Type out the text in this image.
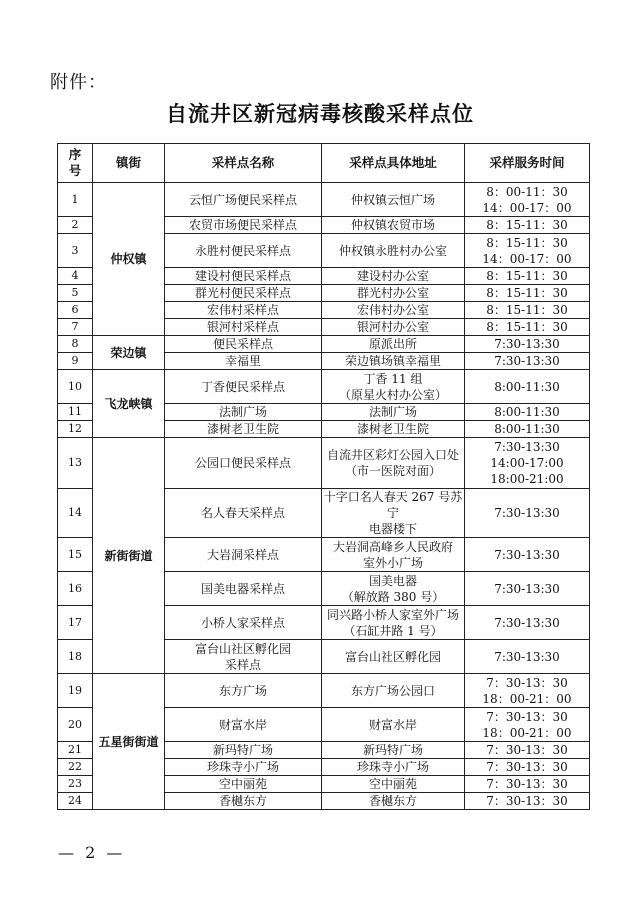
附件：
自流井区新冠病毒核酸采样点位
序
号	镇街	采样点名称	采样点具体地址	采样服务时间
1	仲权镇	云恒广场便民采样点	仲权镇云恒广场	8：00-11：30
14：00-17：00

2		农贸市场便民采样点	仲权镇农贸市场	8：15-11：30

3		永胜村便民采样点	仲权镇永胜村办公室	8：15-11：30
14：00-17：00

4		建设村便民采样点	建设村办公室	8：15-11：30

5		群光村便民采样点	群光村办公室	8：15-11：30

6		宏伟村采样点	宏伟村办公室	8：15-11：30

7		银河村采样点	银河村办公室	8：15-11：30

8	荣边镇	便民采样点	原派出所	7:30-13:30

9		幸福里	荣边镇场镇幸福里	7:30-13:30

10	飞龙峡镇	丁香便民采样点	丁香 11 组
（原星火村办公室）	8:00-11:30

11		法制广场	法制广场	8:00-11:30

12		漆树老卫生院	漆树老卫生院	8:00-11:30

13	新街街道	公园口便民采样点	自流井区彩灯公园入口处
（市一医院对面）	7:30-13:30
14:00-17:00
18:00-21:00

14		名人春天采样点	十字口名人春天 267 号苏宁
电器楼下	7:30-13:30

15		大岩洞采样点	大岩洞高峰乡人民政府
室外小广场	7:30-13:30

16		国美电器采样点	国美电器
（解放路 380 号）	7:30-13:30

17		小桥人家采样点	同兴路小桥人家室外广场
（石缸井路 1 号）	7:30-13:30

18		富台山社区孵化园
采样点	富台山社区孵化园	7:30-13:30

19	五星街街道	东方广场	东方广场公园口	7：30-13：30
18：00-21：00

20		财富水岸	财富水岸	7：30-13：30
18：00-21：00

21		新玛特广场	新玛特广场	7：30-13：30

22		珍珠寺小广场	珍珠寺小广场	7：30-13：30

23		空中丽苑	空中丽苑	7：30-13：30

24		香樾东方	香樾东方	7：30-13：30
— 2 —
